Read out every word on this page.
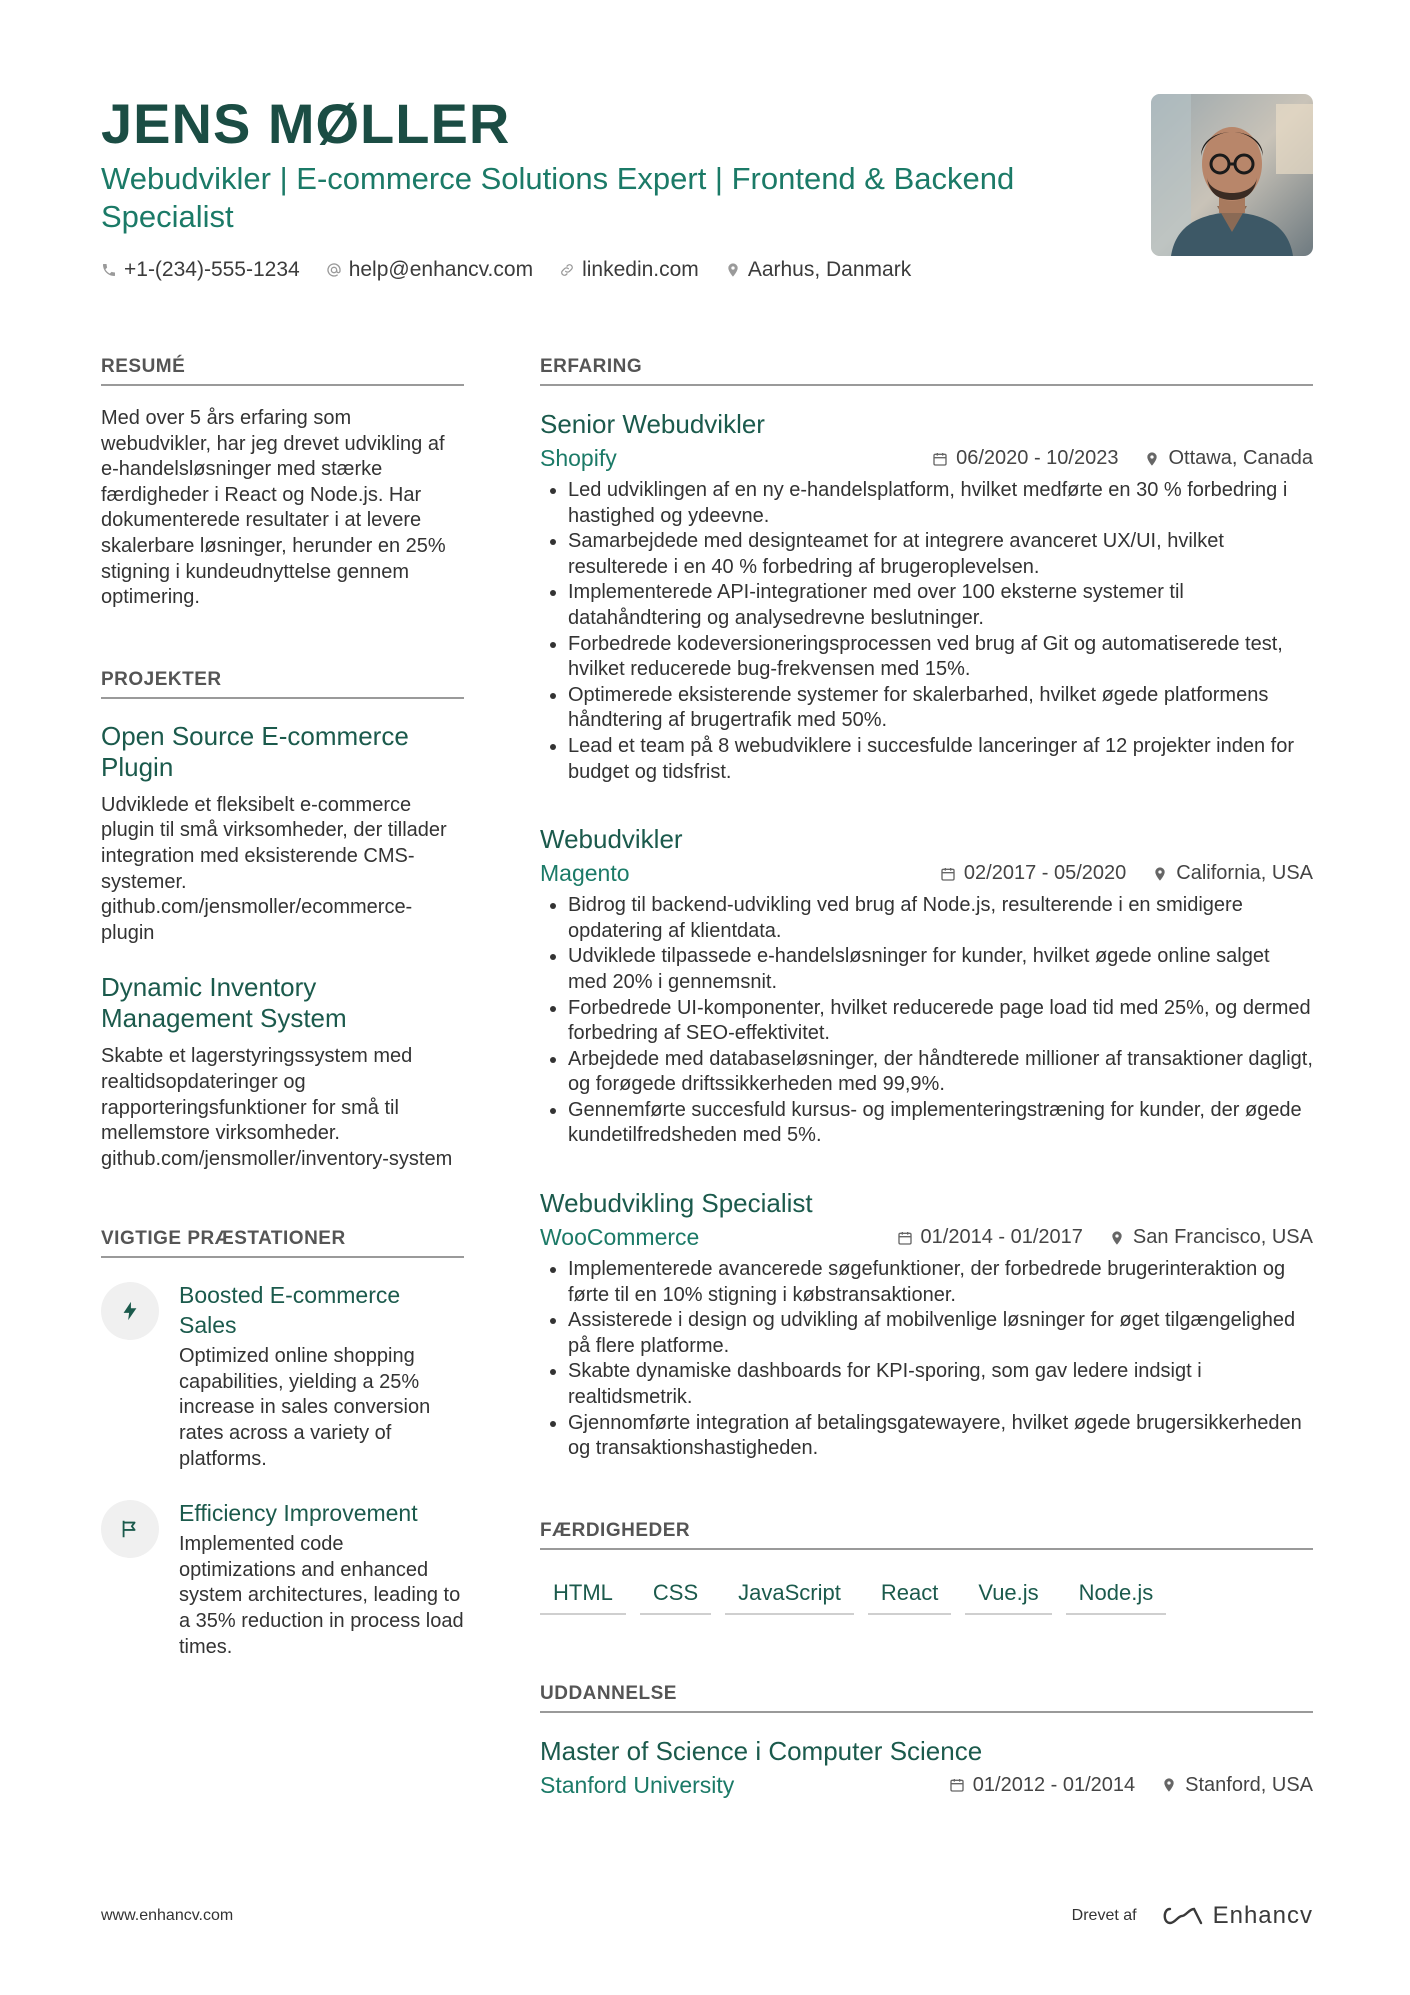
JENS MØLLER
Webudvikler | E-commerce Solutions Expert | Frontend & Backend Specialist
+1-(234)-555-1234 help@enhancv.com linkedin.com Aarhus, Danmark
RESUMÉ
Med over 5 års erfaring som webudvikler, har jeg drevet udvikling af e-handelsløsninger med stærke færdigheder i React og Node.js. Har dokumenterede resultater i at levere skalerbare løsninger, herunder en 25% stigning i kundeudnyttelse gennem optimering.
PROJEKTER
Open Source E-commerce Plugin
Udviklede et fleksibelt e-commerce plugin til små virksomheder, der tillader integration med eksisterende CMS-systemer. github.com/jensmoller/ecommerce-plugin
Dynamic Inventory Management System
Skabte et lagerstyringssystem med realtidsopdateringer og rapporteringsfunktioner for små til mellemstore virksomheder. github.com/jensmoller/inventory-system
VIGTIGE PRÆSTATIONER
Boosted E-commerce Sales
Optimized online shopping capabilities, yielding a 25% increase in sales conversion rates across a variety of platforms.
Efficiency Improvement
Implemented code optimizations and enhanced system architectures, leading to a 35% reduction in process load times.
ERFARING
Senior Webudvikler
Shopify	06/2020 - 10/2023	Ottawa, Canada
• Led udviklingen af en ny e-handelsplatform, hvilket medførte en 30 % forbedring i hastighed og ydeevne.
• Samarbejdede med designteamet for at integrere avanceret UX/UI, hvilket resulterede i en 40 % forbedring af brugeroplevelsen.
• Implementerede API-integrationer med over 100 eksterne systemer til datahåndtering og analysedrevne beslutninger.
• Forbedrede kodeversioneringsprocessen ved brug af Git og automatiserede test, hvilket reducerede bug-frekvensen med 15%.
• Optimerede eksisterende systemer for skalerbarhed, hvilket øgede platformens håndtering af brugertrafik med 50%.
• Lead et team på 8 webudviklere i succesfulde lanceringer af 12 projekter inden for budget og tidsfrist.
Webudvikler
Magento	02/2017 - 05/2020	California, USA
• Bidrog til backend-udvikling ved brug af Node.js, resulterende i en smidigere opdatering af klientdata.
• Udviklede tilpassede e-handelsløsninger for kunder, hvilket øgede online salget med 20% i gennemsnit.
• Forbedrede UI-komponenter, hvilket reducerede page load tid med 25%, og dermed forbedring af SEO-effektivitet.
• Arbejdede med databaseløsninger, der håndterede millioner af transaktioner dagligt, og forøgede driftssikkerheden med 99,9%.
• Gennemførte succesfuld kursus- og implementeringstræning for kunder, der øgede kundetilfredsheden med 5%.
Webudvikling Specialist
WooCommerce	01/2014 - 01/2017	San Francisco, USA
• Implementerede avancerede søgefunktioner, der forbedrede brugerinteraktion og førte til en 10% stigning i købstransaktioner.
• Assisterede i design og udvikling af mobilvenlige løsninger for øget tilgængelighed på flere platforme.
• Skabte dynamiske dashboards for KPI-sporing, som gav ledere indsigt i realtidsmetrik.
• Gjennomførte integration af betalingsgatewayere, hvilket øgede brugersikkerheden og transaktionshastigheden.
FÆRDIGHEDER
HTML	CSS	JavaScript	React	Vue.js	Node.js
UDDANNELSE
Master of Science i Computer Science
Stanford University	01/2012 - 01/2014	Stanford, USA
www.enhancv.com	Drevet af	Enhancv
